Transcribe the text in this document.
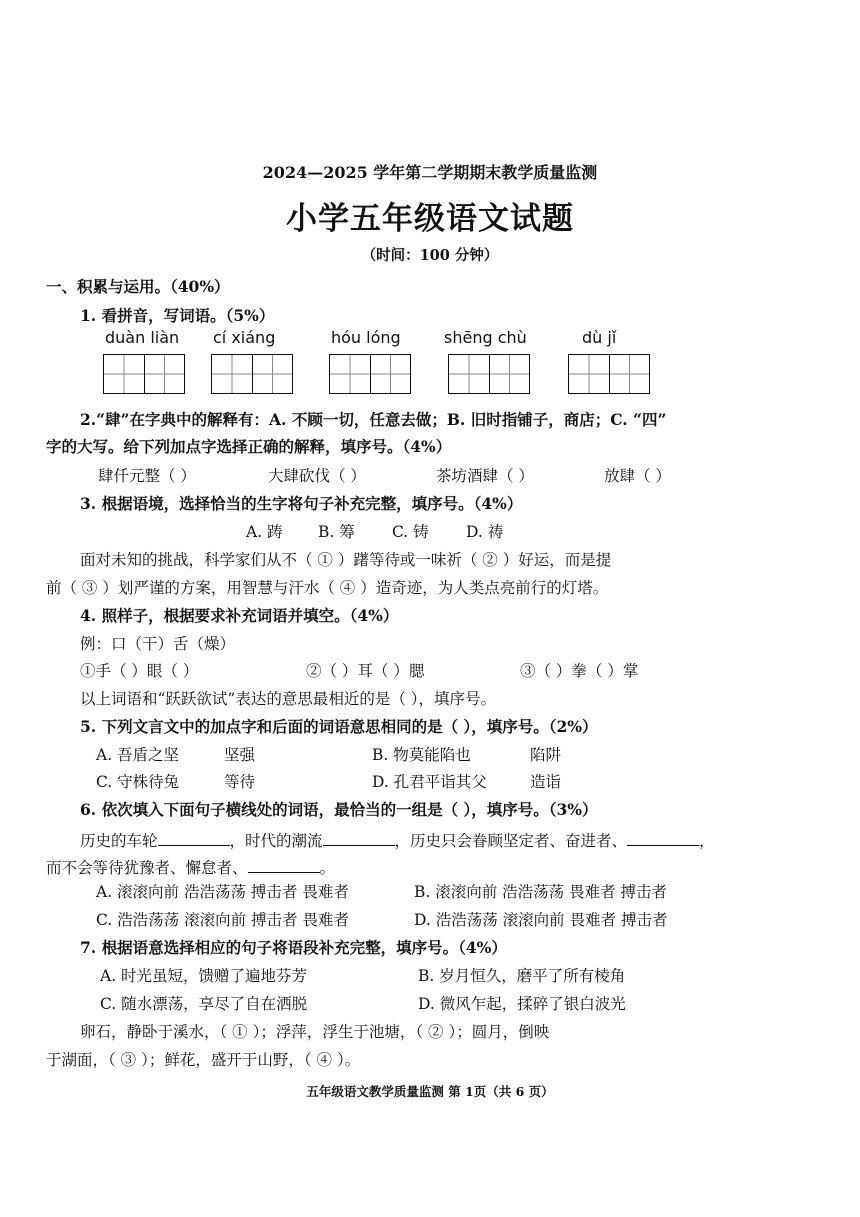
2024—2025 学年第二学期期末教学质量监测
小学五年级语文试题
（时间：100 分钟）
一、积累与运用。（40%）
1. 看拼音，写词语。（5%）
duàn liàn cí xiáng	hóu lóng	shēng chù	dù jǐ
2.“肆”在字典中的解释有：A. 不顾一切，任意去做；B. 旧时指铺子，商店；C. “四”
字的大写。给下列加点字选择正确的解释，填序号。（4%）
肆仟元整（ ）	大肆砍伐（ ）	茶坊酒肆（ ）	放肆（ ）
3. 根据语境，选择恰当的生字将句子补充完整，填序号。（4%）
A. 踌 B. 筹 C. 铸 D. 祷
面对未知的挑战，科学家们从不（ ① ）躇等待或一味祈（ ② ）好运，而是提
前（ ③ ）划严谨的方案，用智慧与汗水（ ④ ）造奇迹，为人类点亮前行的灯塔。
4. 照样子，根据要求补充词语并填空。（4%）
例：口（干）舌（燥）
①手（ ）眼（ ）	②（ ）耳（ ）腮	③（ ）拳（ ）掌
以上词语和“跃跃欲试”表达的意思最相近的是（ ），填序号。
5. 下列文言文中的加点字和后面的词语意思相同的是（ ），填序号。（2%）
A. 吾盾之坚	坚强	B. 物莫能陷也	陷阱
C. 守株待兔	等待	D. 孔君平诣其父	造诣
6. 依次填入下面句子横线处的词语，最恰当的一组是（ ），填序号。（3%）
历史的车轮	，时代的潮流	，历史只会眷顾坚定者、奋进者、	，
而不会等待犹豫者、懈怠者、	。
A. 滚滚向前 浩浩荡荡 搏击者 畏难者	B. 滚滚向前 浩浩荡荡 畏难者 搏击者
C. 浩浩荡荡 滚滚向前 搏击者 畏难者	D. 浩浩荡荡 滚滚向前 畏难者 搏击者
7. 根据语意选择相应的句子将语段补充完整，填序号。（4%）
A. 时光虽短，馈赠了遍地芬芳	B. 岁月恒久，磨平了所有棱角
C. 随水漂荡，享尽了自在洒脱	D. 微风乍起，揉碎了银白波光
卵石，静卧于溪水，（ ① ）；浮萍，浮生于池塘，（ ② ）；圆月，倒映
于湖面，（ ③ ）；鲜花，盛开于山野，（ ④ ）。
五年级语文教学质量监测 第 1页（共 6 页）
